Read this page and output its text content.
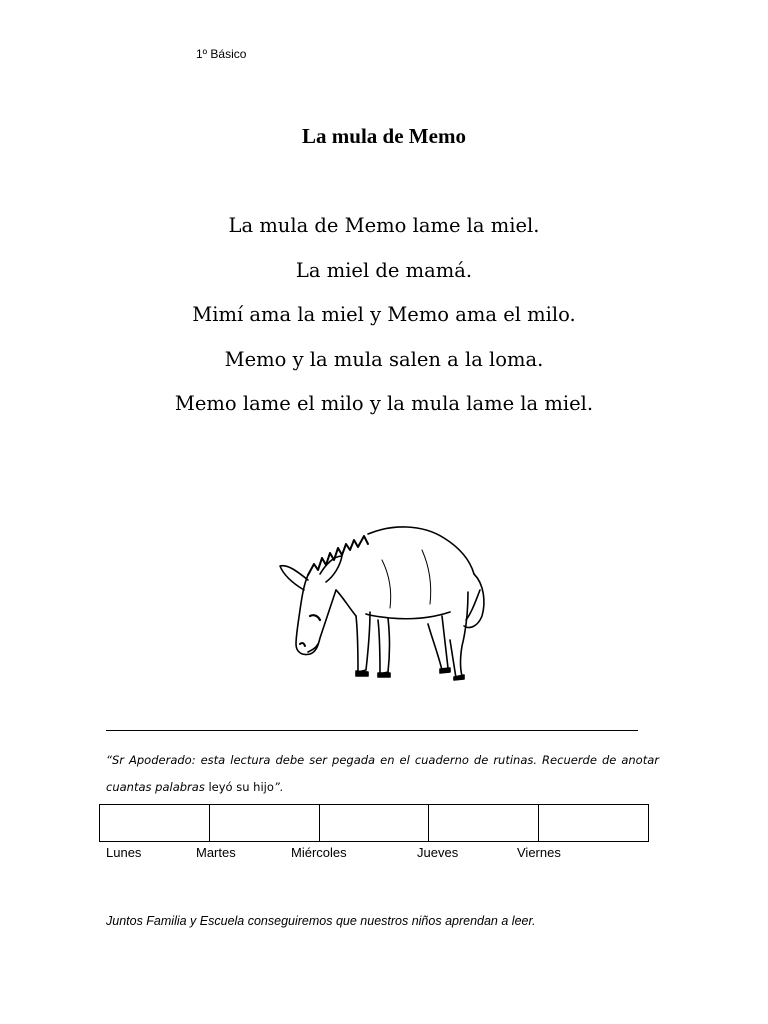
1º Básico
La mula de Memo
La mula de Memo lame la miel.
La miel de mamá.
Mimí ama la miel y Memo ama el milo.
Memo y la mula salen a la loma.
Memo lame el milo y la mula lame la miel.
“Sr Apoderado: esta lectura debe ser pegada en el cuaderno de rutinas. Recuerde de anotar cuantas palabras leyó su hijo”.

Lunes	Martes	Miércoles	Jueves	Viernes
Juntos Familia y Escuela conseguiremos que nuestros niños aprendan a leer.
